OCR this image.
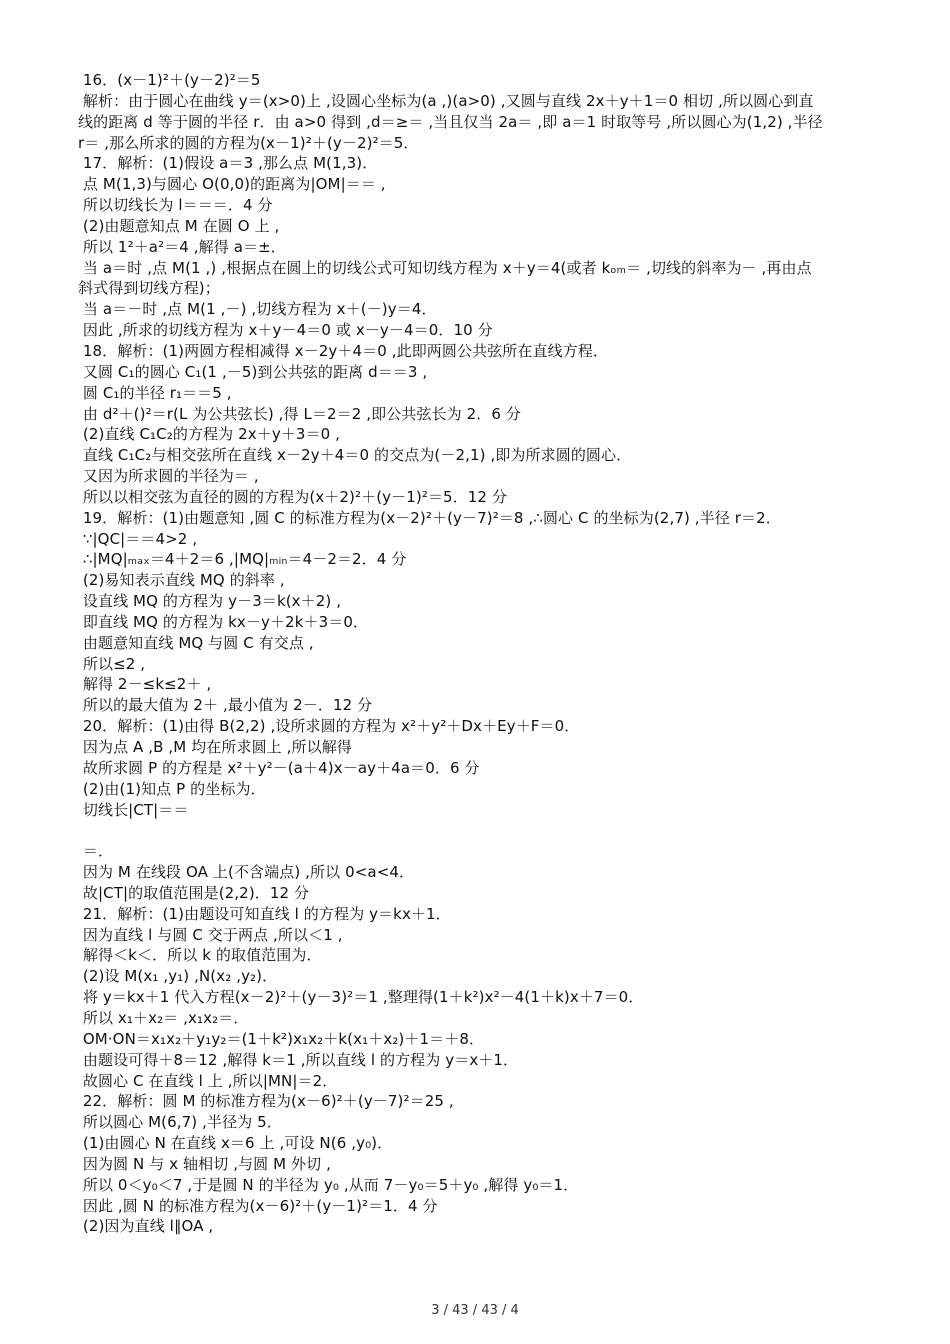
16．(x－1)²＋(y－2)²＝5
解析：由于圆心在曲线 y＝(x>0)上 ,设圆心坐标为(a ,)(a>0) ,又圆与直线 2x＋y＋1＝0 相切 ,所以圆心到直
线的距离 d 等于圆的半径 r．由 a>0 得到 ,d＝≥＝ ,当且仅当 2a＝ ,即 a＝1 时取等号 ,所以圆心为(1,2) ,半径
r＝ ,那么所求的圆的方程为(x－1)²＋(y－2)²＝5．
17．解析：(1)假设 a＝3 ,那么点 M(1,3)．
点 M(1,3)与圆心 O(0,0)的距离为|OM|＝＝ ,
所以切线长为 l＝＝＝．4 分
(2)由题意知点 M 在圆 O 上 ,
所以 1²＋a²＝4 ,解得 a＝±．
当 a＝时 ,点 M(1 ,) ,根据点在圆上的切线公式可知切线方程为 x＋y＝4(或者 kₒₘ＝ ,切线的斜率为－ ,再由点
斜式得到切线方程)；
当 a＝－时 ,点 M(1 ,－) ,切线方程为 x＋(－)y＝4．
因此 ,所求的切线方程为 x＋y－4＝0 或 x－y－4＝0．10 分
18．解析：(1)两圆方程相减得 x－2y＋4＝0 ,此即两圆公共弦所在直线方程．
又圆 C₁的圆心 C₁(1 ,－5)到公共弦的距离 d＝＝3 ,
圆 C₁的半径 r₁＝＝5 ,
由 d²＋()²＝r(L 为公共弦长) ,得 L＝2＝2 ,即公共弦长为 2．6 分
(2)直线 C₁C₂的方程为 2x＋y＋3＝0 ,
直线 C₁C₂与相交弦所在直线 x－2y＋4＝0 的交点为(－2,1) ,即为所求圆的圆心．
又因为所求圆的半径为＝ ,
所以以相交弦为直径的圆的方程为(x＋2)²＋(y－1)²＝5．12 分
19．解析：(1)由题意知 ,圆 C 的标准方程为(x－2)²＋(y－7)²＝8 ,∴圆心 C 的坐标为(2,7) ,半径 r＝2．
∵|QC|＝＝4>2 ,
∴|MQ|ₘₐₓ＝4＋2＝6 ,|MQ|ₘᵢₙ＝4－2＝2．4 分
(2)易知表示直线 MQ 的斜率 ,
设直线 MQ 的方程为 y－3＝k(x＋2) ,
即直线 MQ 的方程为 kx－y＋2k＋3＝0．
由题意知直线 MQ 与圆 C 有交点 ,
所以≤2 ,
解得 2－≤k≤2＋ ,
所以的最大值为 2＋ ,最小值为 2－．12 分
20．解析：(1)由得 B(2,2) ,设所求圆的方程为 x²＋y²＋Dx＋Ey＋F＝0．
因为点 A ,B ,M 均在所求圆上 ,所以解得
故所求圆 P 的方程是 x²＋y²－(a＋4)x－ay＋4a＝0．6 分
(2)由(1)知点 P 的坐标为．
切线长|CT|＝＝
＝．
因为 M 在线段 OA 上(不含端点) ,所以 0<a<4．
故|CT|的取值范围是(2,2)．12 分
21．解析：(1)由题设可知直线 l 的方程为 y＝kx＋1．
因为直线 l 与圆 C 交于两点 ,所以＜1 ,
解得＜k＜．所以 k 的取值范围为．
(2)设 M(x₁ ,y₁) ,N(x₂ ,y₂)．
将 y＝kx＋1 代入方程(x－2)²＋(y－3)²＝1 ,整理得(1＋k²)x²－4(1＋k)x＋7＝0．
所以 x₁＋x₂＝ ,x₁x₂＝．
OM·ON＝x₁x₂＋y₁y₂＝(1＋k²)x₁x₂＋k(x₁＋x₂)＋1＝＋8．
由题设可得＋8＝12 ,解得 k＝1 ,所以直线 l 的方程为 y＝x＋1．
故圆心 C 在直线 l 上 ,所以|MN|＝2．
22．解析：圆 M 的标准方程为(x－6)²＋(y－7)²＝25 ,
所以圆心 M(6,7) ,半径为 5．
(1)由圆心 N 在直线 x＝6 上 ,可设 N(6 ,y₀)．
因为圆 N 与 x 轴相切 ,与圆 M 外切 ,
所以 0＜y₀＜7 ,于是圆 N 的半径为 y₀ ,从而 7－y₀＝5＋y₀ ,解得 y₀＝1．
因此 ,圆 N 的标准方程为(x－6)²＋(y－1)²＝1．4 分
(2)因为直线 l∥OA ,
3 / 43 / 43 / 4
